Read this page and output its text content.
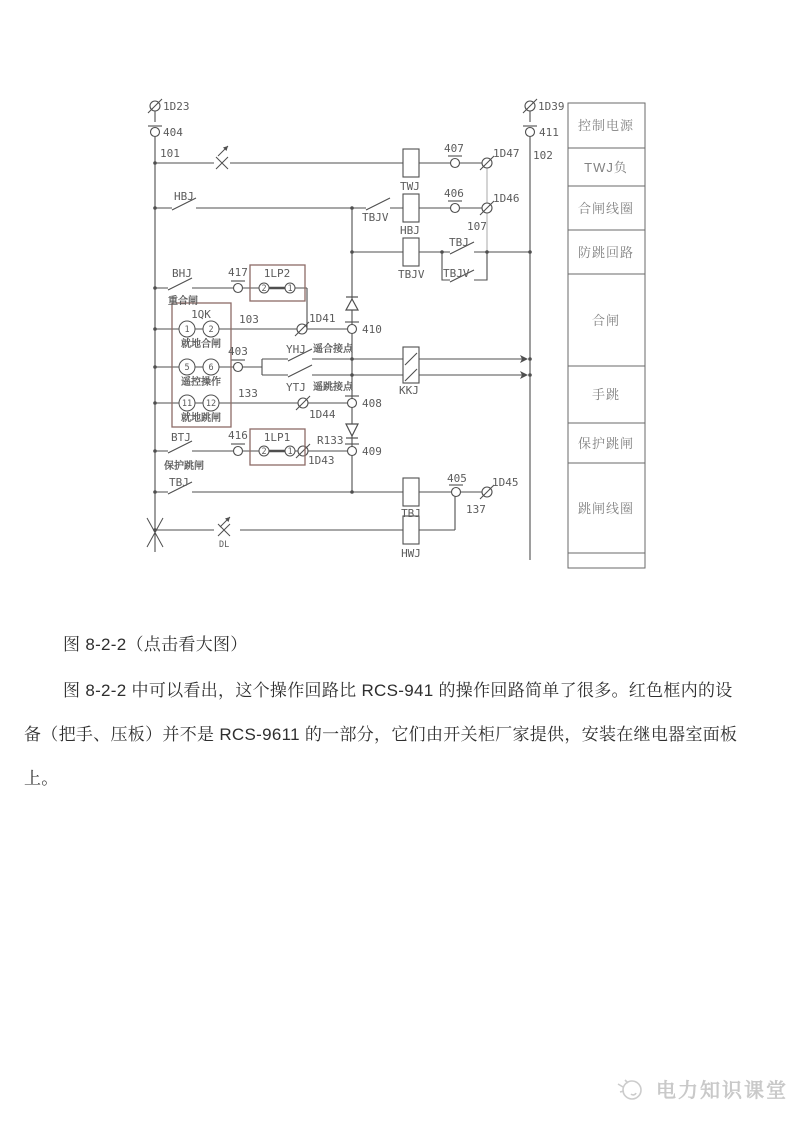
控制电源
TWJ负
合闸线圈
防跳回路
合闸
手跳
保护跳闸
跳闸线圈
1D23
404
101
1D39
411
102
407	1D47
TWJ
HBJ
TBJV
HBJ
406	1D46
107
TBJV
TBJ
TBJV
BHJ
重合闸
417 1LP2
2 1
1QK
1 2
5 6
11 12
就地合闸
遥控操作
就地跳闸
103	1D41
410
403	YHJ 遥合接点
YTJ 遥跳接点	KKJ
133
1D44
408
BTJ
保护跳闸
416 1LP1
2 1
1D43
R133
409
TBJ
TBJ
405 1D45
137
HWJ
DL
图 8-2-2（点击看大图）
图 8-2-2 中可以看出，这个操作回路比 RCS-941 的操作回路简单了很多。红色框内的设
备（把手、压板）并不是 RCS-9611 的一部分，它们由开关柜厂家提供，安装在继电器室面板
上。
电力知识课堂
